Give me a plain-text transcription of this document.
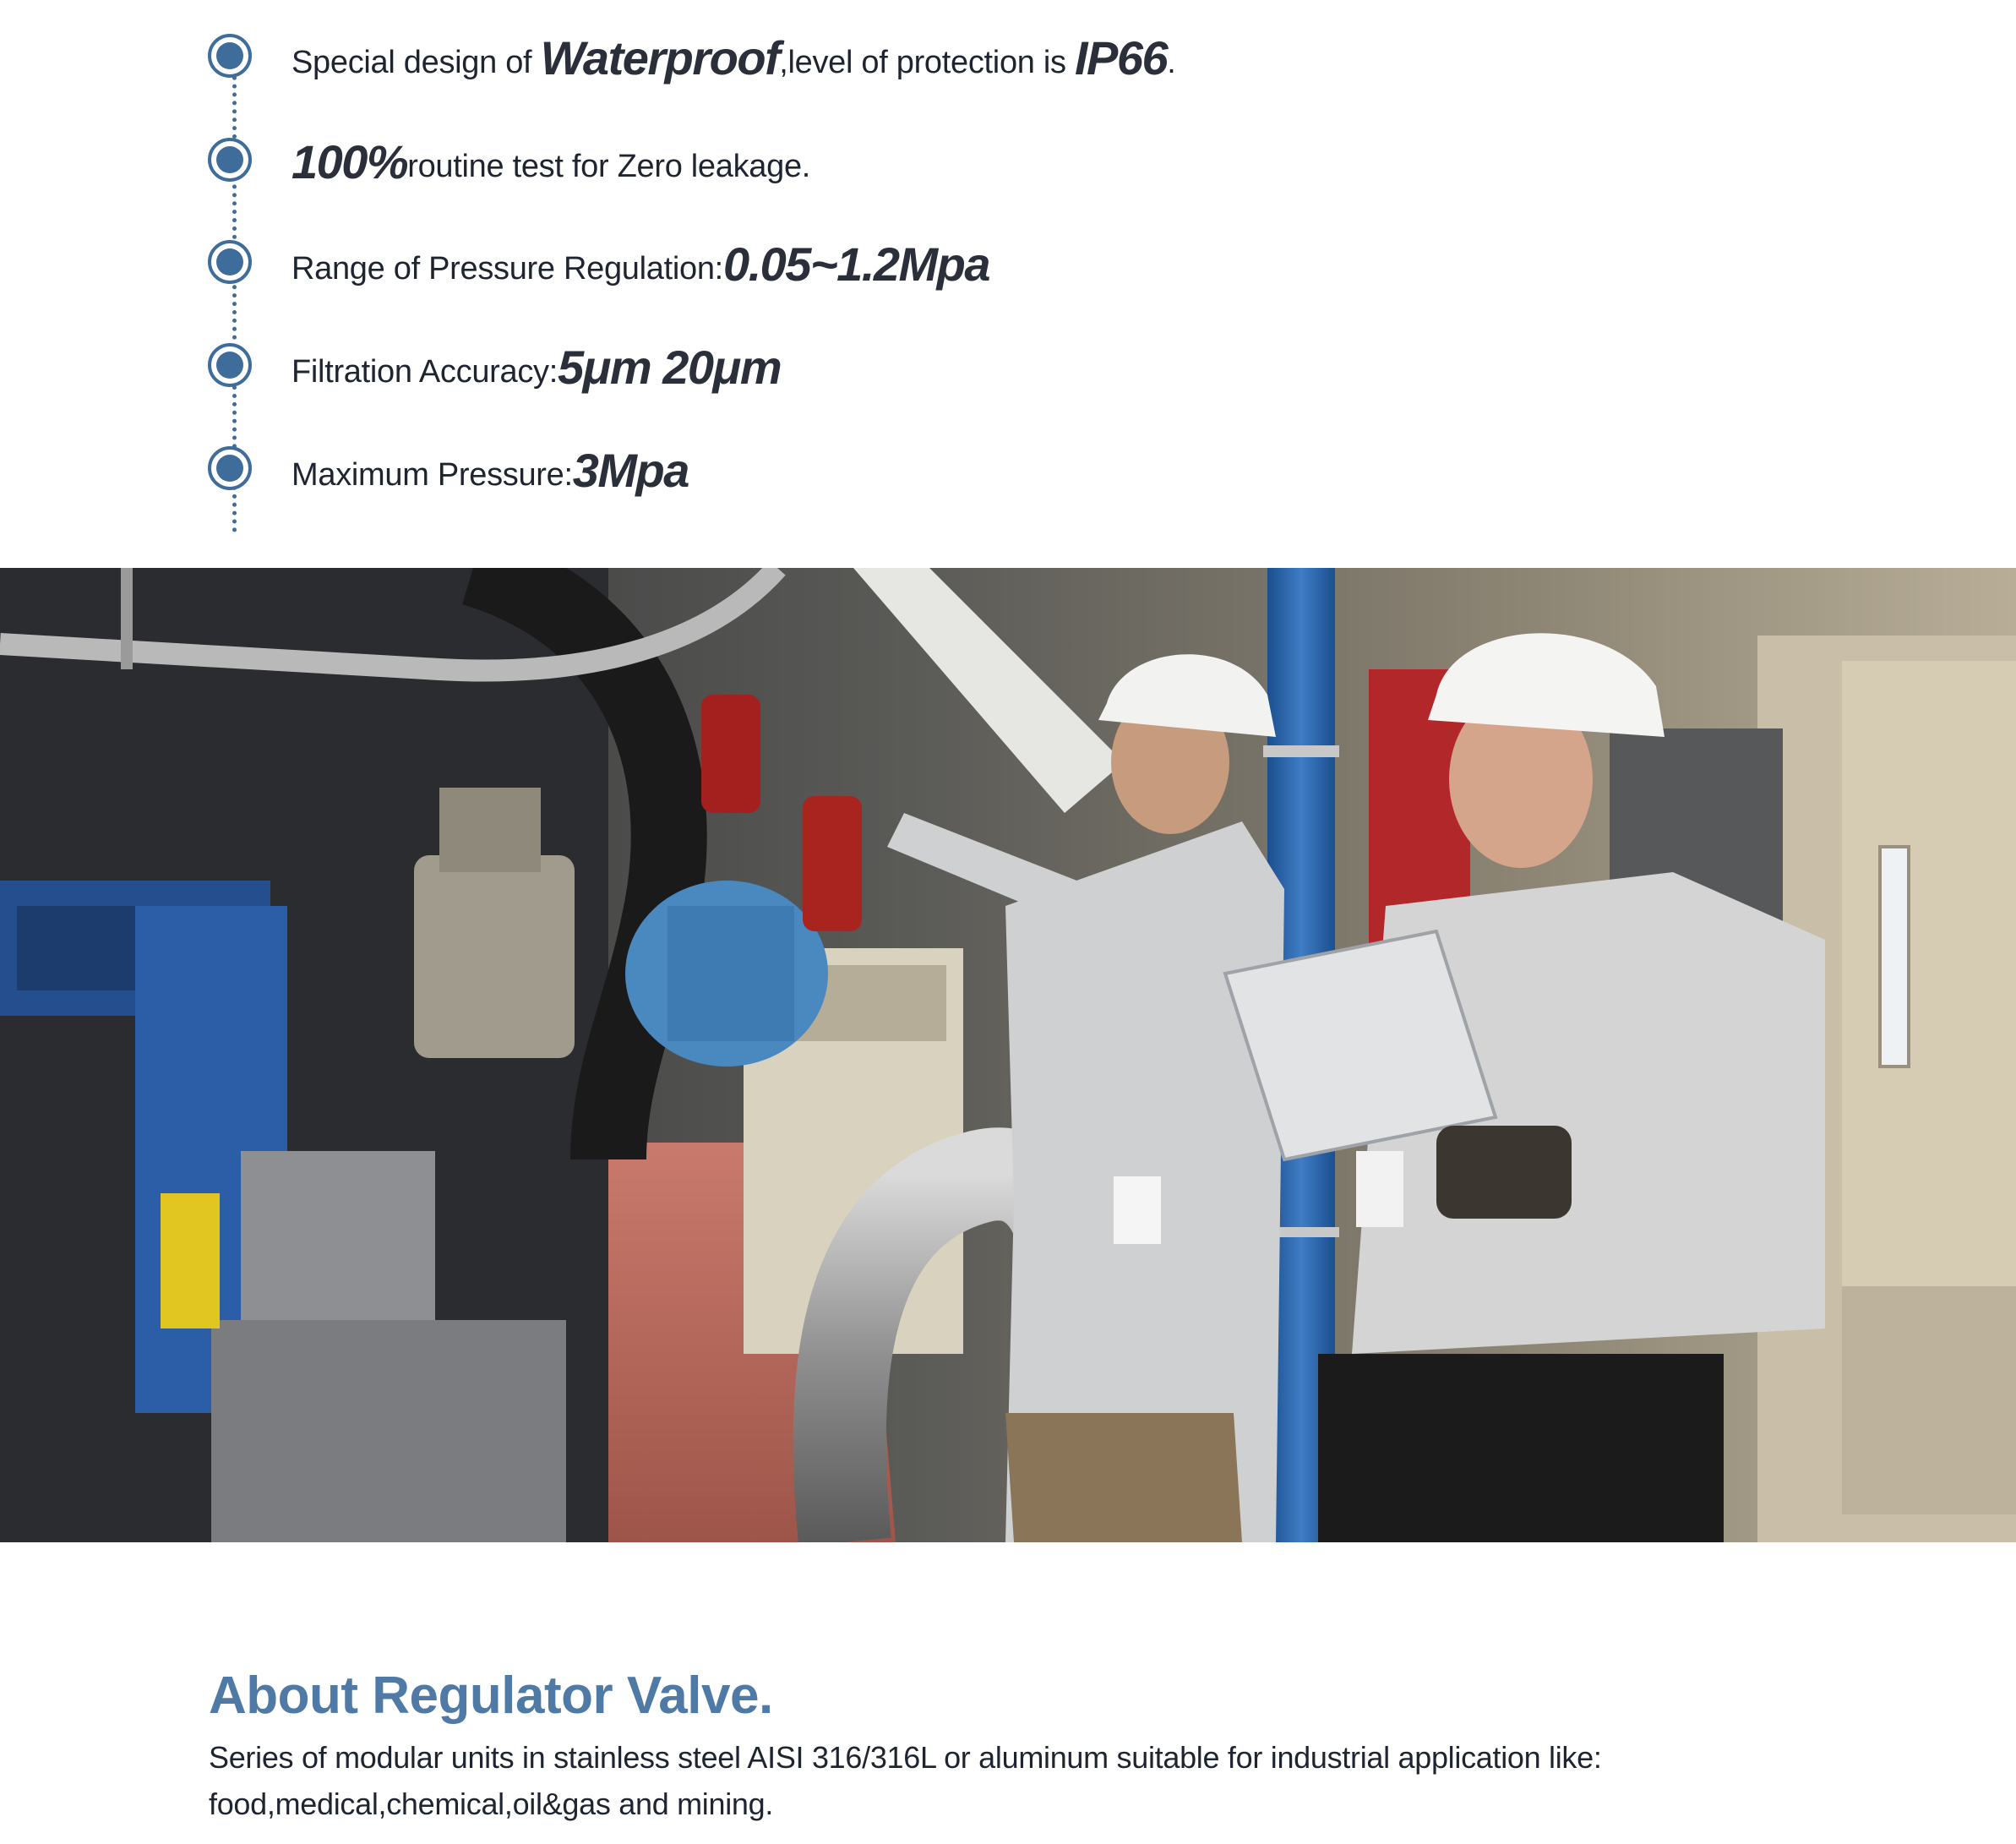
Special design of Waterproof,level of protection is IP66.
100%routine test for Zero leakage.
Range of Pressure Regulation:0.05~1.2Mpa
Filtration Accuracy:5μm 20μm
Maximum Pressure:3Mpa
About Regulator Valve.
Series of modular units in stainless steel AISI 316/316L or aluminum suitable for industrial application like:
food,medical,chemical,oil&gas and mining.
